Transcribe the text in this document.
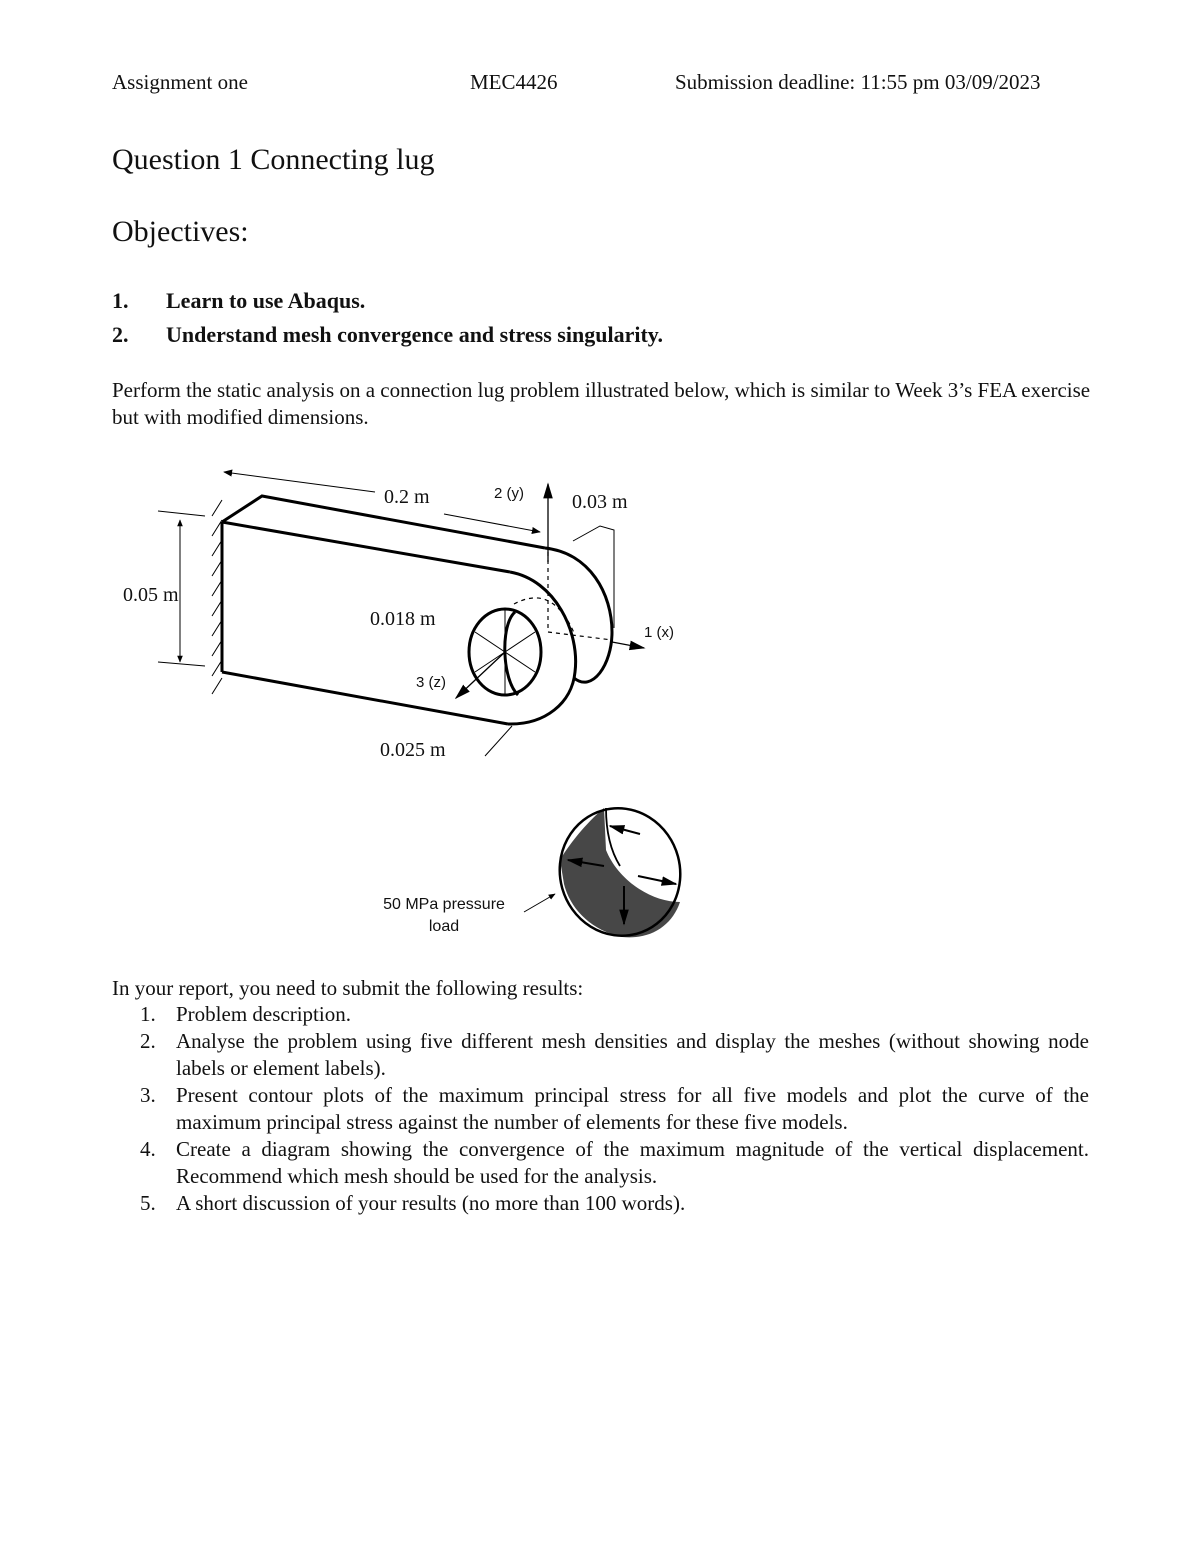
Assignment one	MEC4426	Submission deadline: 11:55 pm 03/09/2023
Question 1 Connecting lug
Objectives:
1. Learn to use Abaqus.
2. Understand mesh convergence and stress singularity.
Perform the static analysis on a connection lug problem illustrated below, which is similar to Week 3’s FEA exercise but with modified dimensions.
0.2 m	0.03 m
0.05 m
0.018 m
0.025 m
2 (y)
1 (x)
3 (z)
50 MPa pressure
load
In your report, you need to submit the following results:
1. Problem description.
2. Analyse the problem using five different mesh densities and display the meshes (without showing node labels or element labels).
3. Present contour plots of the maximum principal stress for all five models and plot the curve of the maximum principal stress against the number of elements for these five models.
4. Create a diagram showing the convergence of the maximum magnitude of the vertical displacement. Recommend which mesh should be used for the analysis.
5. A short discussion of your results (no more than 100 words).
